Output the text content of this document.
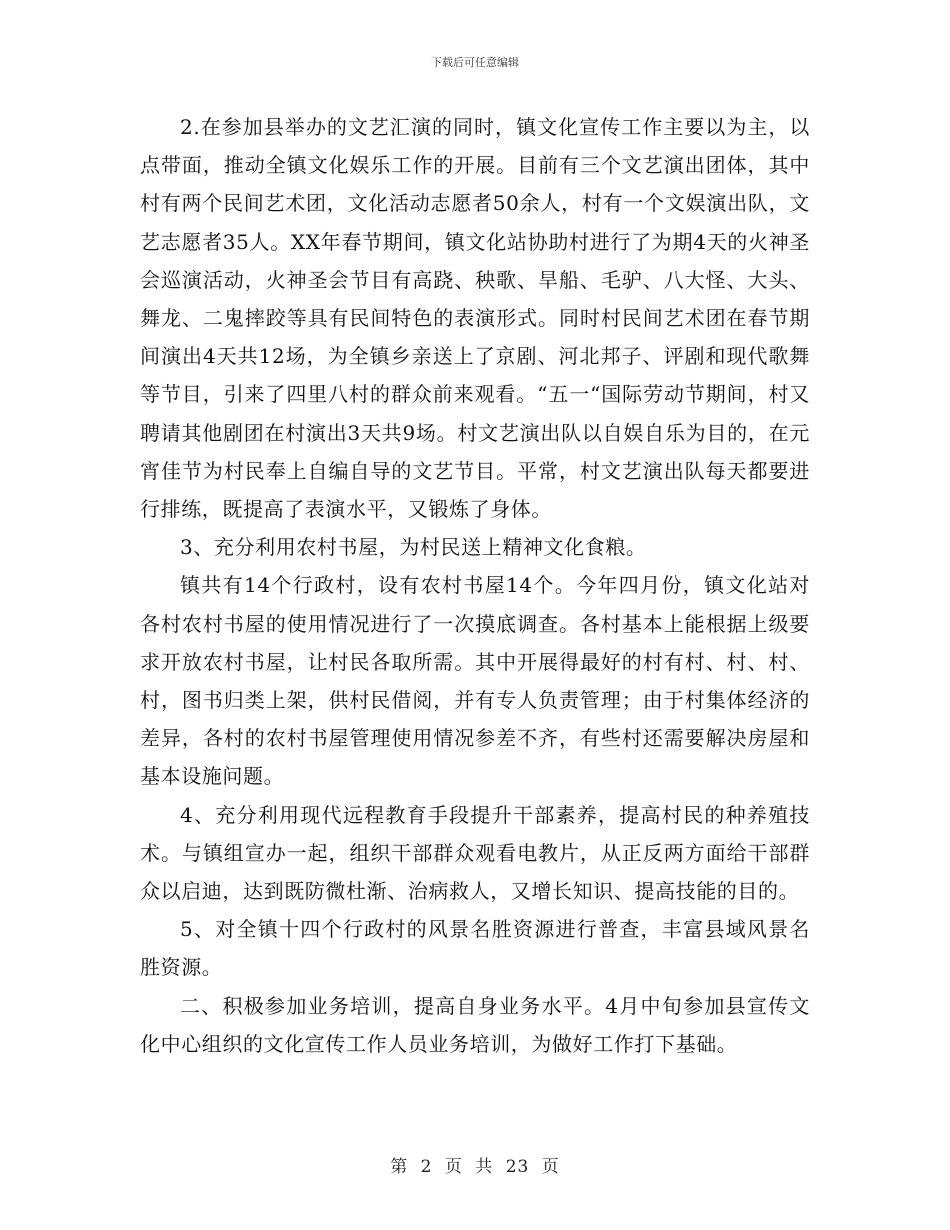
下载后可任意编辑

2.在参加县举办的文艺汇演的同时，镇文化宣传工作主要以为主，以点带面，推动全镇文化娱乐工作的开展。目前有三个文艺演出团体，其中村有两个民间艺术团，文化活动志愿者50余人，村有一个文娱演出队，文艺志愿者35人。XX年春节期间，镇文化站协助村进行了为期4天的火神圣会巡演活动，火神圣会节目有高跷、秧歌、旱船、毛驴、八大怪、大头、舞龙、二鬼摔跤等具有民间特色的表演形式。同时村民间艺术团在春节期间演出4天共12场，为全镇乡亲送上了京剧、河北邦子、评剧和现代歌舞等节目，引来了四里八村的群众前来观看。“五一“国际劳动节期间，村又聘请其他剧团在村演出3天共9场。村文艺演出队以自娱自乐为目的，在元宵佳节为村民奉上自编自导的文艺节目。平常，村文艺演出队每天都要进行排练，既提高了表演水平，又锻炼了身体。

3、充分利用农村书屋，为村民送上精神文化食粮。

镇共有14个行政村，设有农村书屋14个。今年四月份，镇文化站对各村农村书屋的使用情况进行了一次摸底调查。各村基本上能根据上级要求开放农村书屋，让村民各取所需。其中开展得最好的村有村、村、村、村，图书归类上架，供村民借阅，并有专人负责管理；由于村集体经济的差异，各村的农村书屋管理使用情况参差不齐，有些村还需要解决房屋和基本设施问题。

4、充分利用现代远程教育手段提升干部素养，提高村民的种养殖技术。与镇组宣办一起，组织干部群众观看电教片，从正反两方面给干部群众以启迪，达到既防微杜渐、治病救人，又增长知识、提高技能的目的。

5、对全镇十四个行政村的风景名胜资源进行普查，丰富县域风景名胜资源。

二、积极参加业务培训，提高自身业务水平。4月中旬参加县宣传文化中心组织的文化宣传工作人员业务培训，为做好工作打下基础。

第 2 页 共 23 页
